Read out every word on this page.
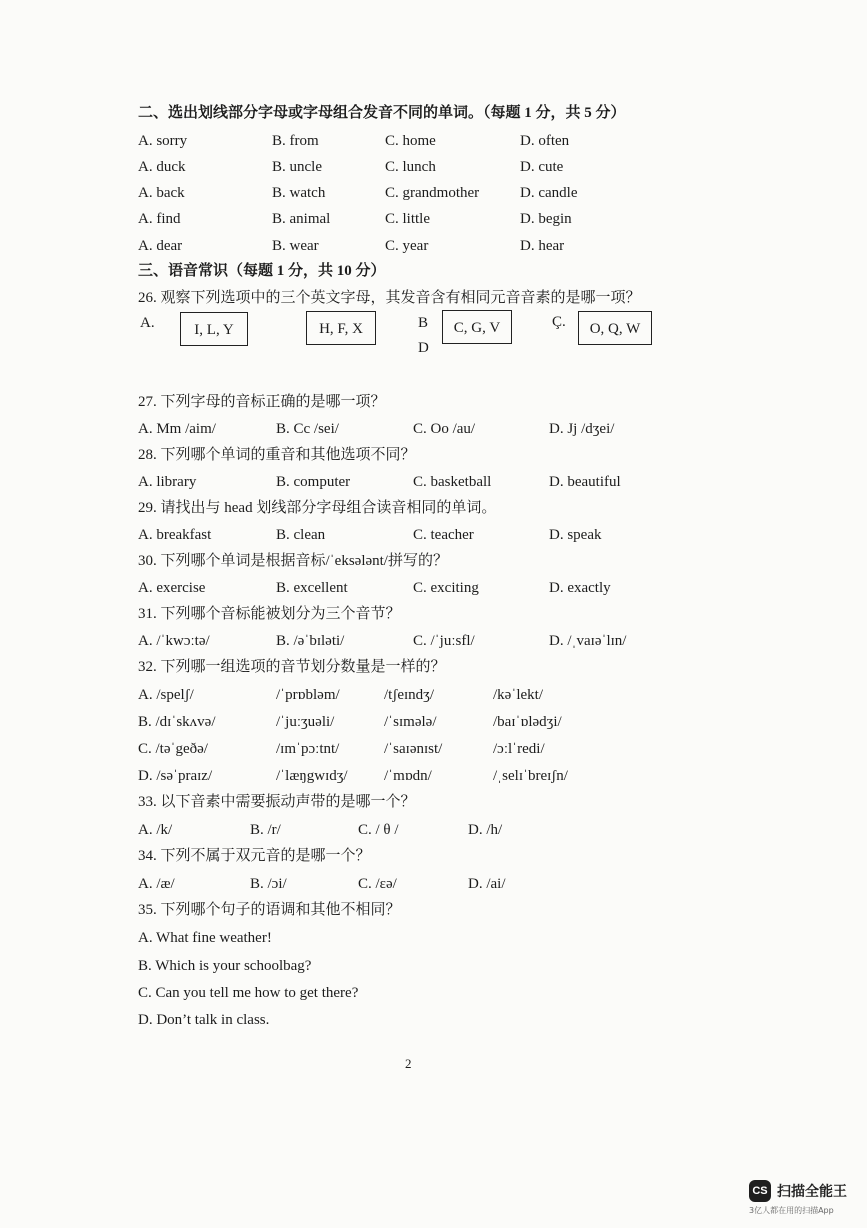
二、选出划线部分字母或字母组合发音不同的单词。（每题 1 分，共 5 分）
A. sorry	B. from	C. home	D. often
A. duck	B. uncle	C. lunch	D. cute
A. back	B. watch	C. grandmother	D. candle
A. find	B. animal	C. little	D. begin
A. dear	B. wear	C. year	D. hear
三、语音常识（每题 1 分，共 10 分）
26. 观察下列选项中的三个英文字母，其发音含有相同元音音素的是哪一项？
A.	I, L, Y	H, F, X	B
D
C, G, V	Ç.	O, Q, W
27. 下列字母的音标正确的是哪一项？
A. Mm /aim/	B. Cc /sei/	C. Oo /au/	D. Jj /dʒei/
28. 下列哪个单词的重音和其他选项不同？
A. library	B. computer	C. basketball	D. beautiful
29. 请找出与 head 划线部分字母组合读音相同的单词。
A. breakfast	B. clean	C. teacher	D. speak
30. 下列哪个单词是根据音标/ˈeksələnt/拼写的？
A. exercise	B. excellent	C. exciting	D. exactly
31. 下列哪个音标能被划分为三个音节？
A. /ˈkwɔːtə/	B. /əˈbɪləti/	C. /ˈjuːsfl/	D. /ˌvaɪəˈlɪn/
32. 下列哪一组选项的音节划分数量是一样的？
A. /spelʃ/	/ˈprɒbləm/	/tʃeɪndʒ/	/kəˈlekt/
B. /dɪˈskʌvə/	/ˈjuːʒuəli/	/ˈsɪmələ/	/baɪˈɒlədʒi/
C. /təˈgeðə/	/ɪmˈpɔːtnt/	/ˈsaɪənɪst/	/ɔːlˈredi/
D. /səˈpraɪz/	/ˈlæŋgwɪdʒ/ /ˈmɒdn/	/ˌselɪˈbreɪʃn/
33. 以下音素中需要振动声带的是哪一个？
A. /k/	B. /r/	C. / θ /	D. /h/
34. 下列不属于双元音的是哪一个？
A. /æ/	B. /ɔi/	C. /ɛə/	D. /ai/
35. 下列哪个句子的语调和其他不相同？
A. What fine weather!
B. Which is your schoolbag?
C. Can you tell me how to get there?
D. Don’t talk in class.
2
CS 扫描全能王
3亿人都在用的扫描App
